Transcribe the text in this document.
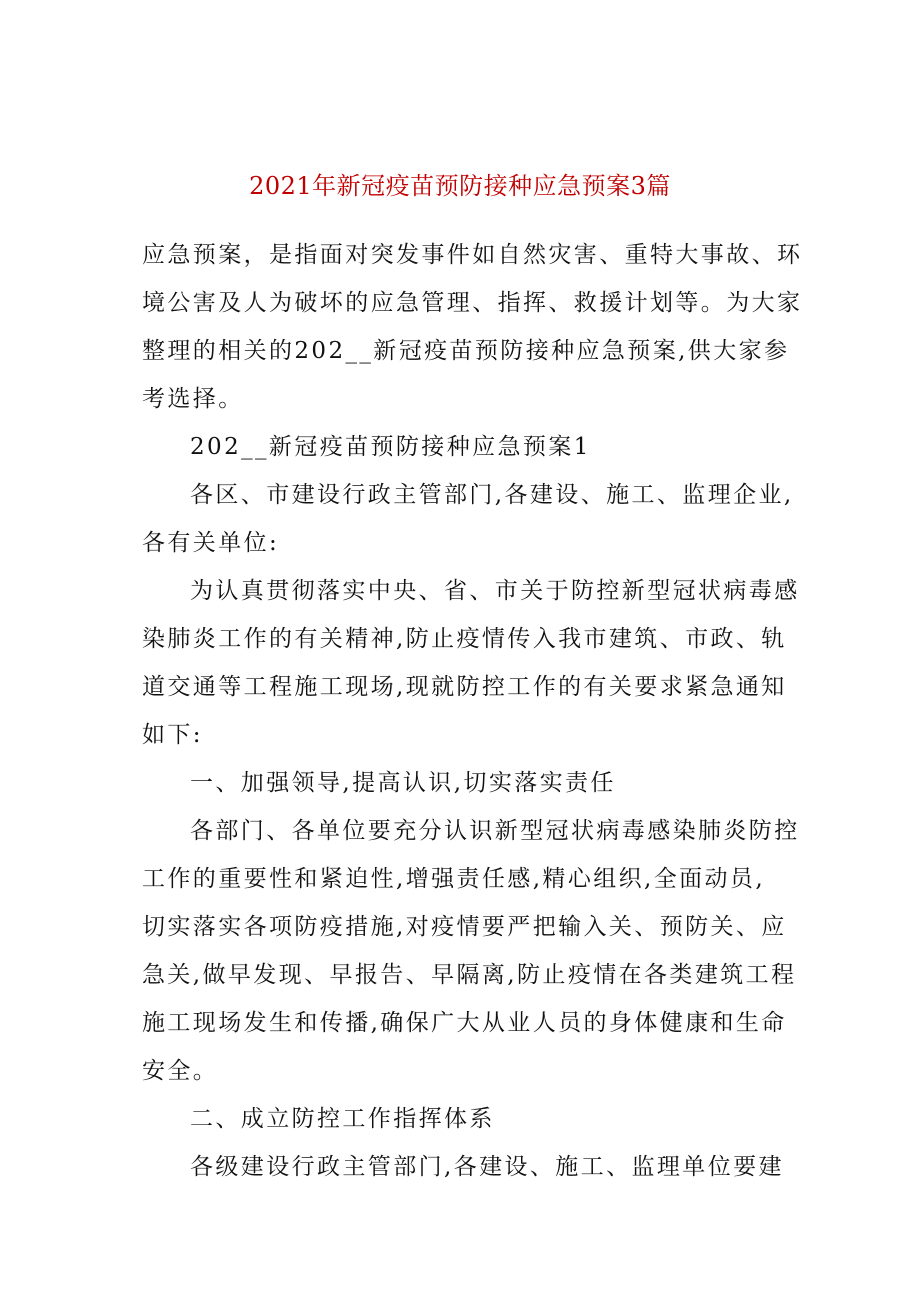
2021年新冠疫苗预防接种应急预案3篇
应急预案，是指面对突发事件如自然灾害、重特大事故、环
境公害及人为破坏的应急管理、指挥、救援计划等。为大家
整理的相关的202__新冠疫苗预防接种应急预案,供大家参
考选择。
202__新冠疫苗预防接种应急预案1
各区、市建设行政主管部门,各建设、施工、监理企业,
各有关单位:
为认真贯彻落实中央、省、市关于防控新型冠状病毒感
染肺炎工作的有关精神,防止疫情传入我市建筑、市政、轨
道交通等工程施工现场,现就防控工作的有关要求紧急通知
如下:
一、加强领导,提高认识,切实落实责任
各部门、各单位要充分认识新型冠状病毒感染肺炎防控
工作的重要性和紧迫性,增强责任感,精心组织,全面动员,
切实落实各项防疫措施,对疫情要严把输入关、预防关、应
急关,做早发现、早报告、早隔离,防止疫情在各类建筑工程
施工现场发生和传播,确保广大从业人员的身体健康和生命
安全。
二、成立防控工作指挥体系
各级建设行政主管部门,各建设、施工、监理单位要建
